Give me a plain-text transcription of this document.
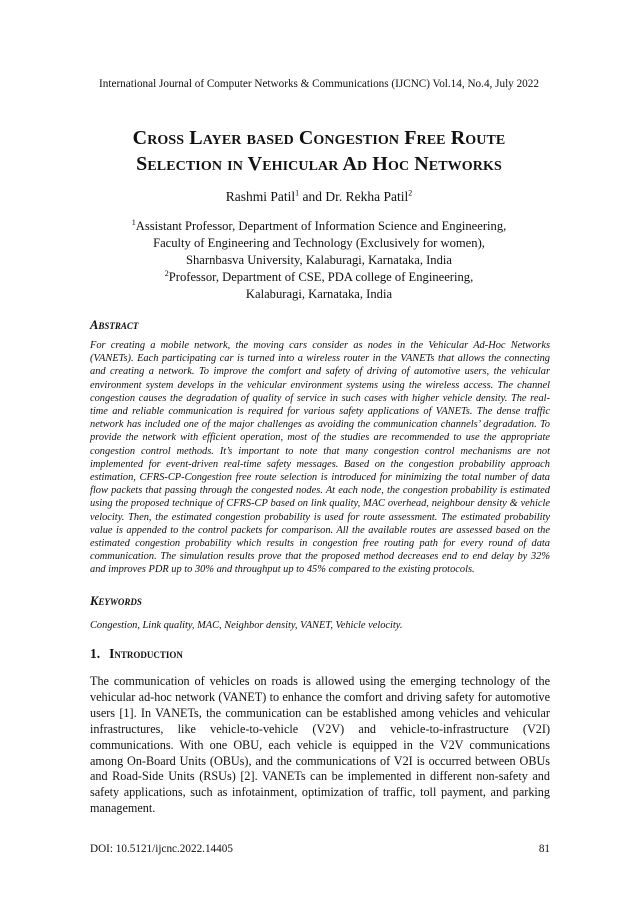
International Journal of Computer Networks & Communications (IJCNC) Vol.14, No.4, July 2022
Cross Layer based Congestion Free Route
Selection in Vehicular Ad Hoc Networks
Rashmi Patil$^1$ and Dr. Rekha Patil$^2$
$^1$Assistant Professor, Department of Information Science and Engineering,
Faculty of Engineering and Technology (Exclusively for women),
Sharnbasva University, Kalaburagi, Karnataka, India
$^2$Professor, Department of CSE, PDA college of Engineering,
Kalaburagi, Karnataka, India
Abstract
For creating a mobile network, the moving cars consider as nodes in the Vehicular Ad-Hoc Networks (VANETs). Each participating car is turned into a wireless router in the VANETs that allows the connecting and creating a network. To improve the comfort and safety of driving of automotive users, the vehicular environment system develops in the vehicular environment systems using the wireless access. The channel congestion causes the degradation of quality of service in such cases with higher vehicle density. The real-time and reliable communication is required for various safety applications of VANETs. The dense traffic network has included one of the major challenges as avoiding the communication channels’ degradation. To provide the network with efficient operation, most of the studies are recommended to use the appropriate congestion control methods. It’s important to note that many congestion control mechanisms are not implemented for event-driven real-time safety messages. Based on the congestion probability approach estimation, CFRS-CP-Congestion free route selection is introduced for minimizing the total number of data flow packets that passing through the congested nodes. At each node, the congestion probability is estimated using the proposed technique of CFRS-CP based on link quality, MAC overhead, neighbour density & vehicle velocity. Then, the estimated congestion probability is used for route assessment. The estimated probability value is appended to the control packets for comparison. All the available routes are assessed based on the estimated congestion probability which results in congestion free routing path for every round of data communication. The simulation results prove that the proposed method decreases end to end delay by 32% and improves PDR up to 30% and throughput up to 45% compared to the existing protocols.
Keywords
Congestion, Link quality, MAC, Neighbor density, VANET, Vehicle velocity.
1. Introduction
The communication of vehicles on roads is allowed using the emerging technology of the vehicular ad-hoc network (VANET) to enhance the comfort and driving safety for automotive users [1]. In VANETs, the communication can be established among vehicles and vehicular infrastructures, like vehicle-to-vehicle (V2V) and vehicle-to-infrastructure (V2I) communications. With one OBU, each vehicle is equipped in the V2V communications among On-Board Units (OBUs), and the communications of V2I is occurred between OBUs and Road-Side Units (RSUs) [2]. VANETs can be implemented in different non-safety and safety applications, such as infotainment, optimization of traffic, toll payment, and parking management.
DOI: 10.5121/ijcnc.2022.14405	81
